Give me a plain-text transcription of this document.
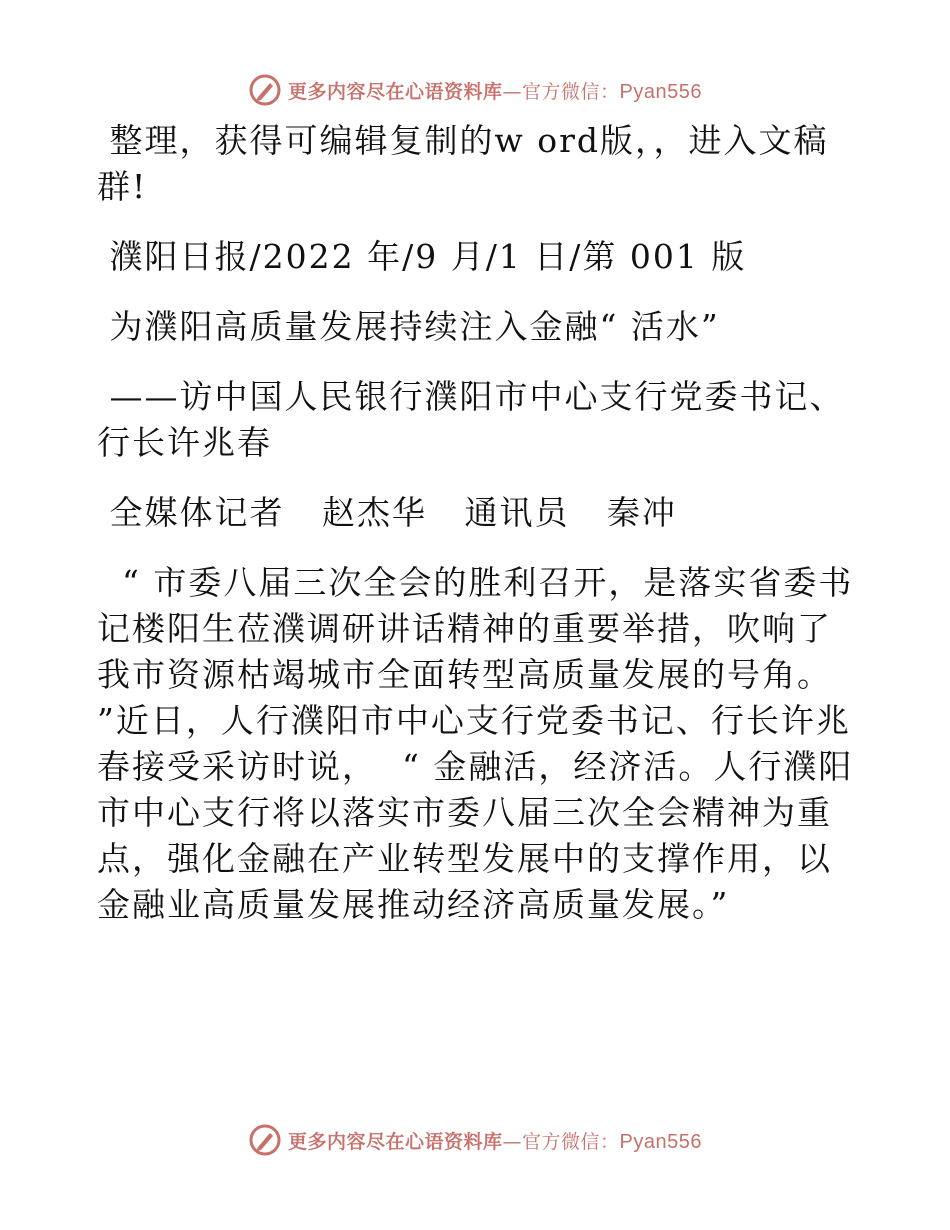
更多内容尽在心语资料库—官方微信：Pyan556

整理，获得可编辑复制的w ord版，，进入文稿群!

濮阳日报/2022 年/9 月/1 日/第 001 版

为濮阳高质量发展持续注入金融“ 活水”

——访中国人民银行濮阳市中心支行党委书记、行长许兆春

全媒体记者   赵杰华   通讯员   秦冲

“ 市委八届三次全会的胜利召开，是落实省委书记楼阳生莅濮调研讲话精神的重要举措，吹响了我市资源枯竭城市全面转型高质量发展的号角。 ”近日，人行濮阳市中心支行党委书记、行长许兆春接受采访时说，  “ 金融活，经济活。人行濮阳市中心支行将以落实市委八届三次全会精神为重点，强化金融在产业转型发展中的支撑作用，以金融业高质量发展推动经济高质量发展。”

更多内容尽在心语资料库—官方微信：Pyan556
